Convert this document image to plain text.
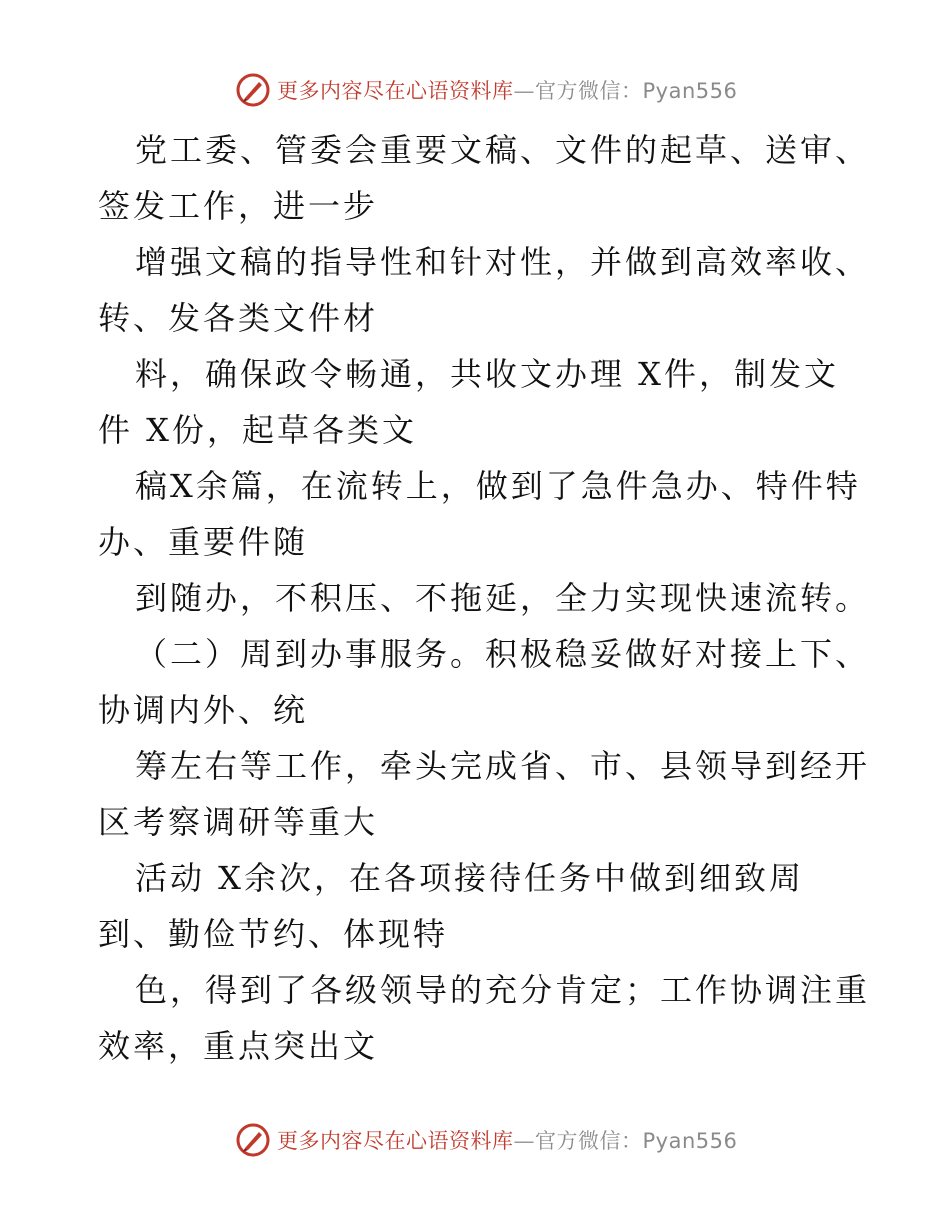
更多内容尽在心语资料库—官方微信：Pyan556
党工委、管委会重要文稿、文件的起草、送审、
签发工作，进一步
增强文稿的指导性和针对性，并做到高效率收、
转、发各类文件材
料，确保政令畅通，共收文办理 X件，制发文
件 X份，起草各类文
稿X余篇，在流转上，做到了急件急办、特件特
办、重要件随
到随办，不积压、不拖延，全力实现快速流转。
（二）周到办事服务。积极稳妥做好对接上下、
协调内外、统
筹左右等工作，牵头完成省、市、县领导到经开
区考察调研等重大
活动 X余次，在各项接待任务中做到细致周
到、勤俭节约、体现特
色，得到了各级领导的充分肯定；工作协调注重
效率，重点突出文
更多内容尽在心语资料库—官方微信：Pyan556
